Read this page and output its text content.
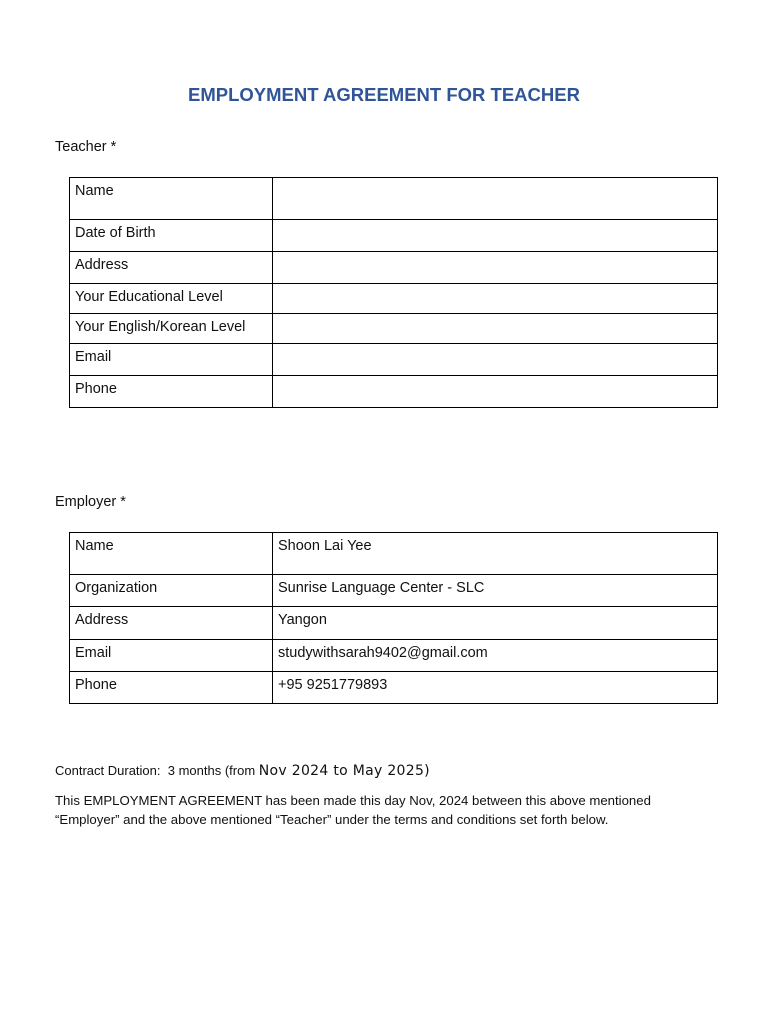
EMPLOYMENT AGREEMENT FOR TEACHER
Teacher *
Name	
Date of Birth	
Address	
Your Educational Level	
Your English/Korean Level	
Email	
Phone	
Employer *
Name	Shoon Lai Yee
Organization	Sunrise Language Center - SLC
Address	Yangon
Email	studywithsarah9402@gmail.com
Phone	+95 9251779893
Contract Duration: 3 months (from Nov 2024 to May 2025)
This EMPLOYMENT AGREEMENT has been made this day Nov, 2024 between this above mentioned
“Employer” and the above mentioned “Teacher” under the terms and conditions set forth below.
